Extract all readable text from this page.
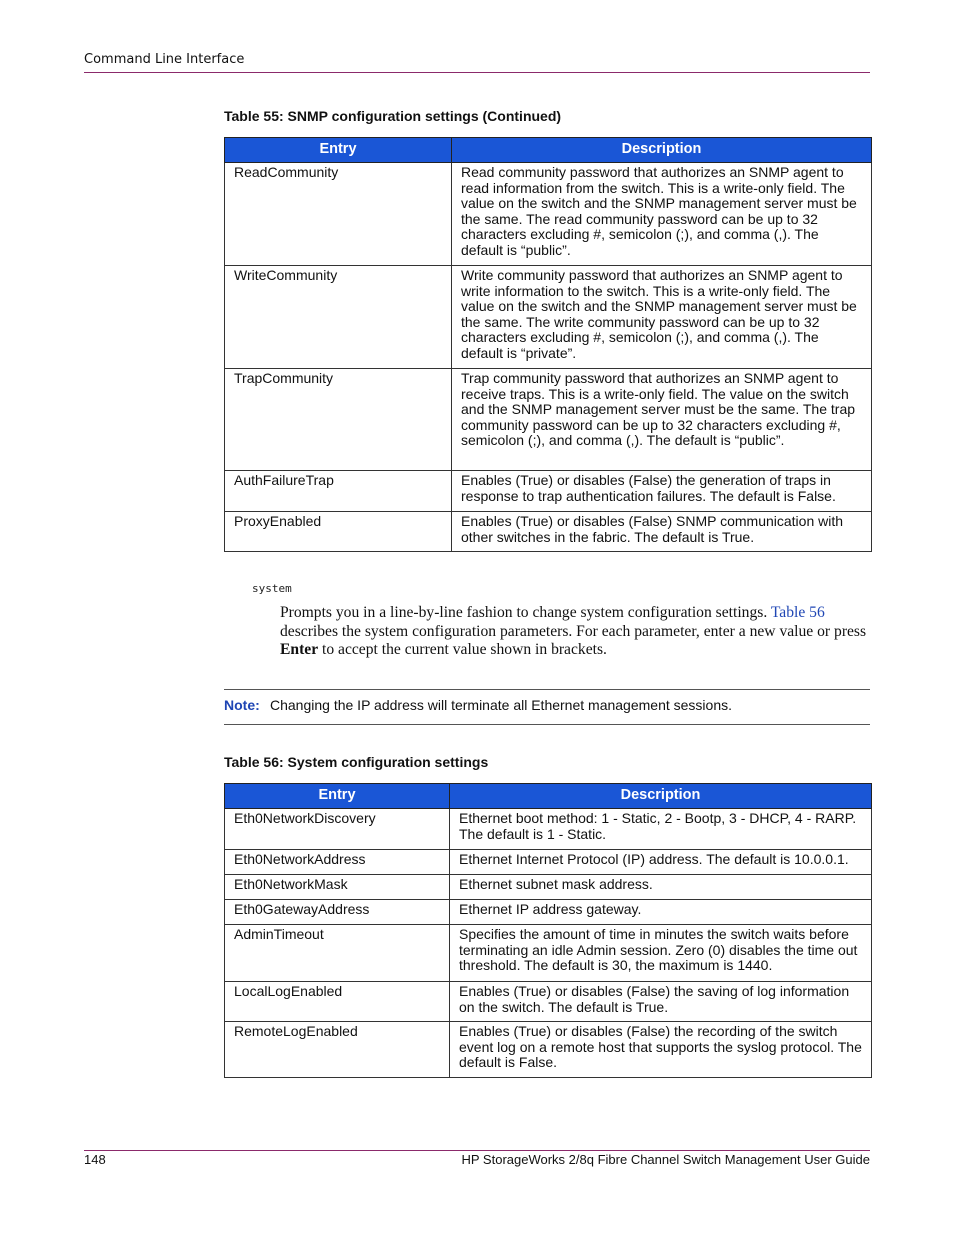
Command Line Interface
Table 55: SNMP configuration settings (Continued)
Entry	Description
ReadCommunity	Read community password that authorizes an SNMP agent to read information from the switch. This is a write-only field. The value on the switch and the SNMP management server must be the same. The read community password can be up to 32 characters excluding #, semicolon (;), and comma (,). The default is “public”.
WriteCommunity	Write community password that authorizes an SNMP agent to write information to the switch. This is a write-only field. The value on the switch and the SNMP management server must be the same. The write community password can be up to 32 characters excluding #, semicolon (;), and comma (,). The default is “private”.
TrapCommunity	Trap community password that authorizes an SNMP agent to receive traps. This is a write-only field. The value on the switch and the SNMP management server must be the same. The trap community password can be up to 32 characters excluding #, semicolon (;), and comma (,). The default is “public”.
AuthFailureTrap	Enables (True) or disables (False) the generation of traps in response to trap authentication failures. The default is False.
ProxyEnabled	Enables (True) or disables (False) SNMP communication with other switches in the fabric. The default is True.
system
Prompts you in a line-by-line fashion to change system configuration settings. Table 56 describes the system configuration parameters. For each parameter, enter a new value or press Enter to accept the current value shown in brackets.
Note: Changing the IP address will terminate all Ethernet management sessions.
Table 56: System configuration settings
Entry	Description
Eth0NetworkDiscovery	Ethernet boot method: 1 - Static, 2 - Bootp, 3 - DHCP, 4 - RARP. The default is 1 - Static.
Eth0NetworkAddress	Ethernet Internet Protocol (IP) address. The default is 10.0.0.1.
Eth0NetworkMask	Ethernet subnet mask address.
Eth0GatewayAddress	Ethernet IP address gateway.
AdminTimeout	Specifies the amount of time in minutes the switch waits before terminating an idle Admin session. Zero (0) disables the time out threshold. The default is 30, the maximum is 1440.
LocalLogEnabled	Enables (True) or disables (False) the saving of log information on the switch. The default is True.
RemoteLogEnabled	Enables (True) or disables (False) the recording of the switch event log on a remote host that supports the syslog protocol. The default is False.
148	HP StorageWorks 2/8q Fibre Channel Switch Management User Guide
